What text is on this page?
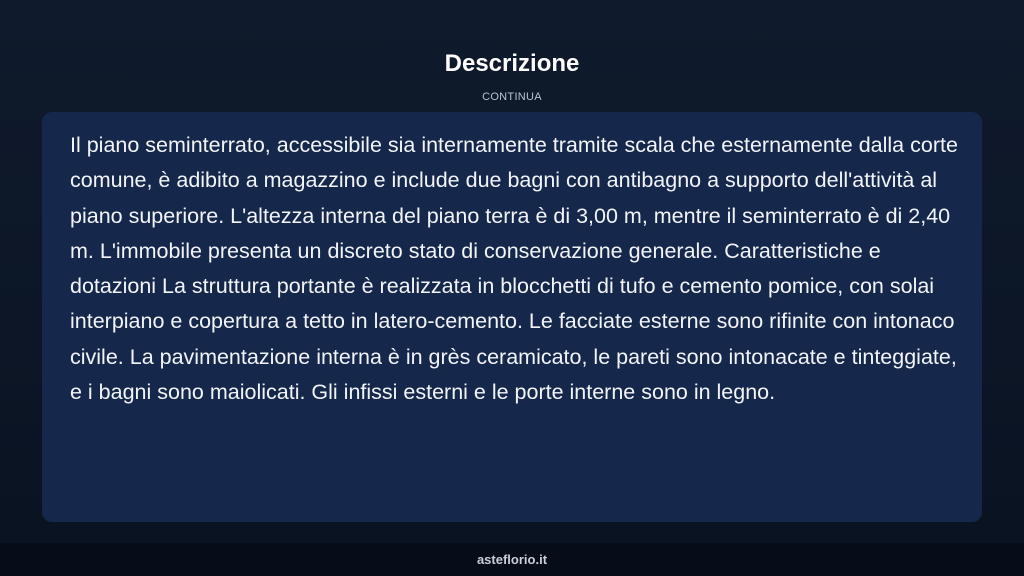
Descrizione
CONTINUA

Il piano seminterrato, accessibile sia internamente tramite scala che esternamente dalla corte comune, è adibito a magazzino e include due bagni con antibagno a supporto dell'attività al piano superiore. L'altezza interna del piano terra è di 3,00 m, mentre il seminterrato è di 2,40 m. L'immobile presenta un discreto stato di conservazione generale. Caratteristiche e dotazioni La struttura portante è realizzata in blocchetti di tufo e cemento pomice, con solai interpiano e copertura a tetto in latero-cemento. Le facciate esterne sono rifinite con intonaco civile. La pavimentazione interna è in grès ceramicato, le pareti sono intonacate e tinteggiate, e i bagni sono maiolicati. Gli infissi esterni e le porte interne sono in legno.

asteflorio.it
